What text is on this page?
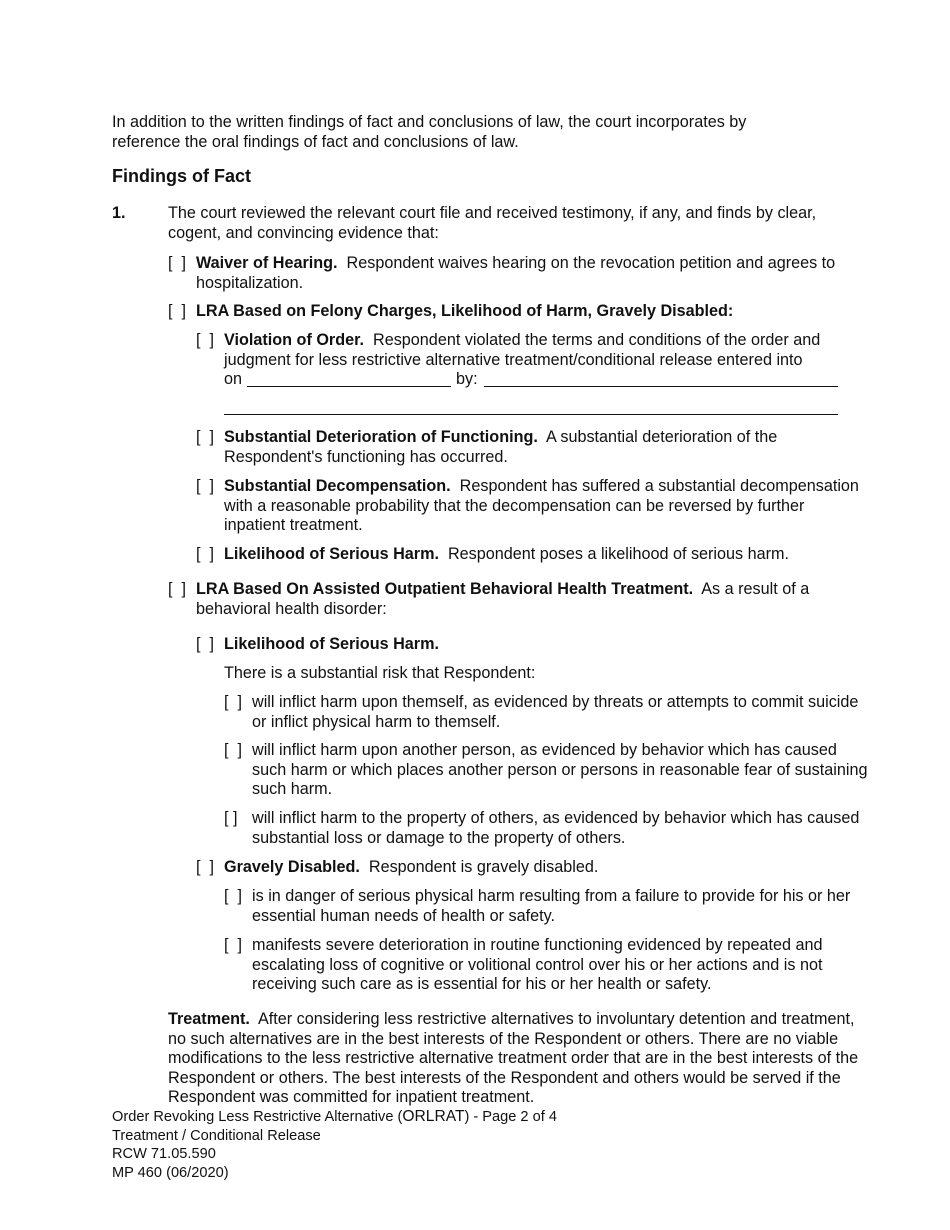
In addition to the written findings of fact and conclusions of law, the court incorporates by reference the oral findings of fact and conclusions of law.

Findings of Fact
1.	The court reviewed the relevant court file and received testimony, if any, and finds by clear, cogent, and convincing evidence that:

[  ] Waiver of Hearing. Respondent waives hearing on the revocation petition and agrees to hospitalization.
[  ] LRA Based on Felony Charges, Likelihood of Harm, Gravely Disabled:
[  ] Violation of Order. Respondent violated the terms and conditions of the order and judgment for less restrictive alternative treatment/conditional release entered into
on	by:
[  ] Substantial Deterioration of Functioning. A substantial deterioration of the Respondent's functioning has occurred.
[  ] Substantial Decompensation. Respondent has suffered a substantial decompensation with a reasonable probability that the decompensation can be reversed by further inpatient treatment.
[  ] Likelihood of Serious Harm. Respondent poses a likelihood of serious harm.
[  ] LRA Based On Assisted Outpatient Behavioral Health Treatment. As a result of a behavioral health disorder:
[  ] Likelihood of Serious Harm.

There is a substantial risk that Respondent:

[  ] will inflict harm upon themself, as evidenced by threats or attempts to commit suicide or inflict physical harm to themself.
[  ] will inflict harm upon another person, as evidenced by behavior which has caused such harm or which places another person or persons in reasonable fear of sustaining such harm.
[ ] will inflict harm to the property of others, as evidenced by behavior which has caused substantial loss or damage to the property of others.
[  ] Gravely Disabled. Respondent is gravely disabled.
[  ] is in danger of serious physical harm resulting from a failure to provide for his or her essential human needs of health or safety.
[  ] manifests severe deterioration in routine functioning evidenced by repeated and escalating loss of cognitive or volitional control over his or her actions and is not receiving such care as is essential for his or her health or safety.

Treatment. After considering less restrictive alternatives to involuntary detention and treatment, no such alternatives are in the best interests of the Respondent or others. There are no viable modifications to the less restrictive alternative treatment order that are in the best interests of the Respondent or others. The best interests of the Respondent and others would be served if the Respondent was committed for inpatient treatment.

Order Revoking Less Restrictive Alternative (ORLRAT) - Page 2 of 4
Treatment / Conditional Release
RCW 71.05.590
MP 460 (06/2020)
